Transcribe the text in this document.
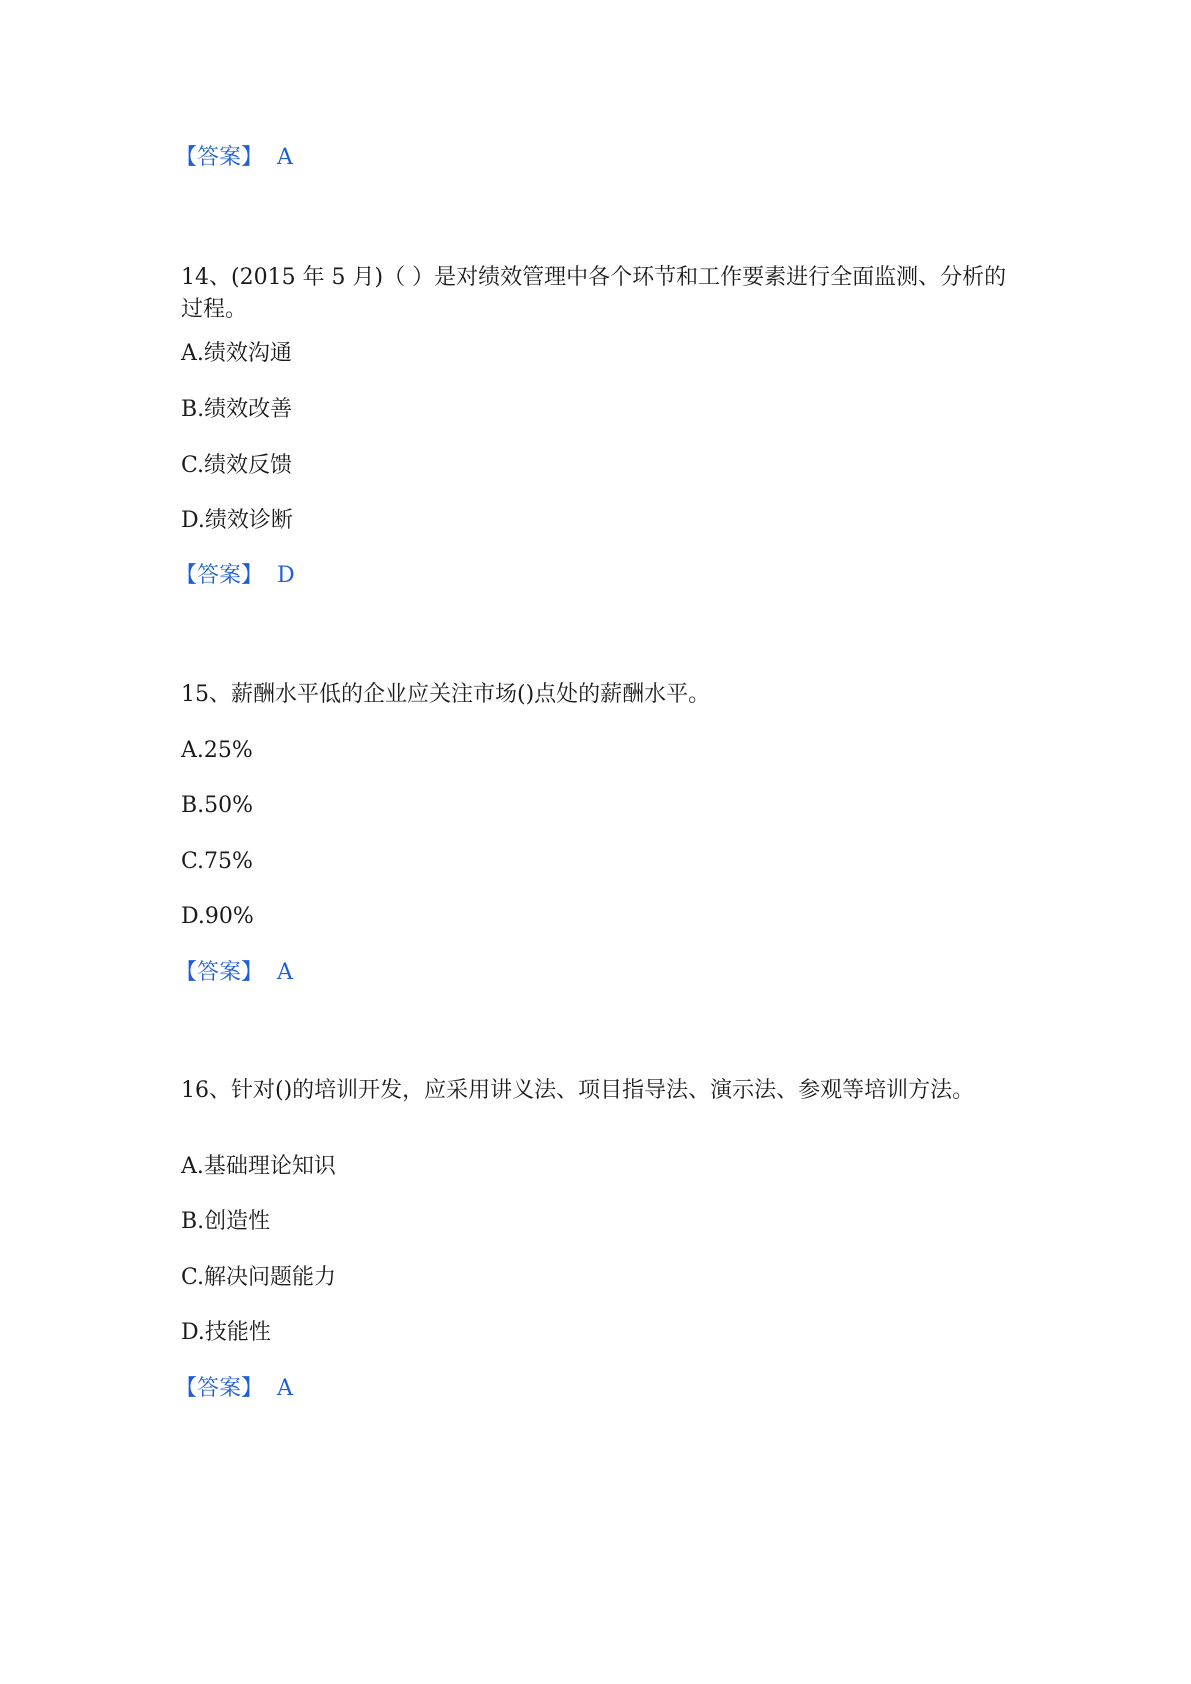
【答案】 A
14、(2015 年 5 月)（ ）是对绩效管理中各个环节和工作要素进行全面监测、分析的过程。
A.绩效沟通
B.绩效改善
C.绩效反馈
D.绩效诊断
【答案】 D
15、薪酬水平低的企业应关注市场()点处的薪酬水平。
A.25%
B.50%
C.75%
D.90%
【答案】 A
16、针对()的培训开发，应采用讲义法、项目指导法、演示法、参观等培训方法。
A.基础理论知识
B.创造性
C.解决问题能力
D.技能性
【答案】 A
